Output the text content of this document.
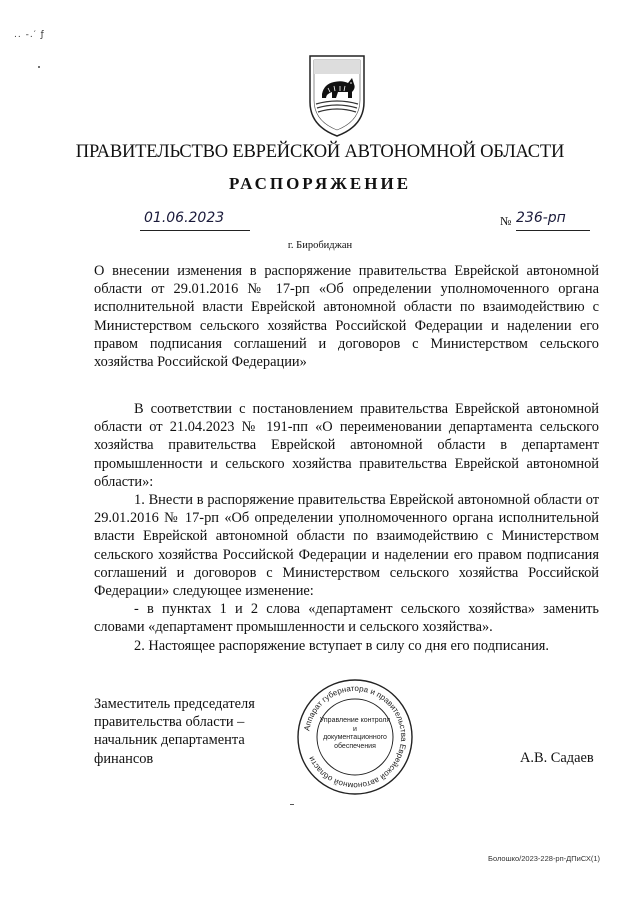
.. -.′ ƒ
ПРАВИТЕЛЬСТВО ЕВРЕЙСКОЙ АВТОНОМНОЙ ОБЛАСТИ
РАСПОРЯЖЕНИЕ
01.06.2023	№ 236-рп
г. Биробиджан
О внесении изменения в распоряжение правительства Еврейской автономной области от 29.01.2016 № 17-рп «Об определении уполномоченного органа исполнительной власти Еврейской автономной области по взаимодействию с Министерством сельского хозяйства Российской Федерации и наделении его правом подписания соглашений и договоров с Министерством сельского хозяйства Российской Федерации»

В соответствии с постановлением правительства Еврейской автономной области от 21.04.2023 № 191-пп «О переименовании департамента сельского хозяйства правительства Еврейской автономной области в департамент промышленности и сельского хозяйства правительства Еврейской автономной области»:

1. Внести в распоряжение правительства Еврейской автономной области от 29.01.2016 № 17-рп «Об определении уполномоченного органа исполнительной власти Еврейской автономной области по взаимодействию с Министерством сельского хозяйства Российской Федерации и наделении его правом подписания соглашений и договоров с Министерством сельского хозяйства Российской Федерации» следующее изменение:

- в пунктах 1 и 2 слова «департамент сельского хозяйства» заменить словами «департамент промышленности и сельского хозяйства».

2. Настоящее распоряжение вступает в силу со дня его подписания.

Заместитель председателя
правительства области –
начальник департамента
финансов
Аппарат губернатора и правительства Еврейской автономной области
Управление контроля и
документационного
обеспечения
А.В. Садаев
Болошко/2023-228-рп-ДПиСХ(1)
